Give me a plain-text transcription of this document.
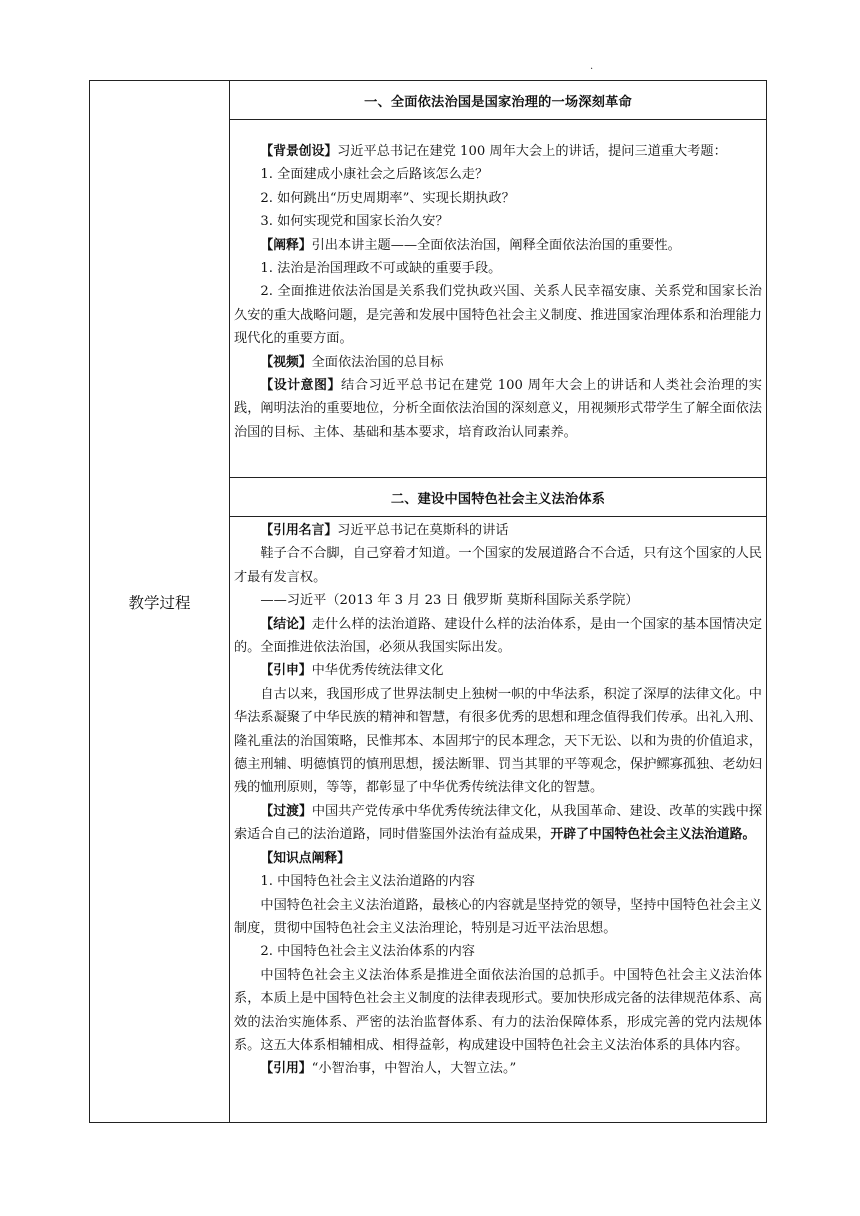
.
教学过程	一、全面依法治国是国家治理的一场深刻革命

【背景创设】习近平总书记在建党 100 周年大会上的讲话，提问三道重大考题：

1. 全面建成小康社会之后路该怎么走？

2. 如何跳出“历史周期率”、实现长期执政？

3. 如何实现党和国家长治久安？

【阐释】引出本讲主题——全面依法治国，阐释全面依法治国的重要性。

1. 法治是治国理政不可或缺的重要手段。

2. 全面推进依法治国是关系我们党执政兴国、关系人民幸福安康、关系党和国家长治久安的重大战略问题，是完善和发展中国特色社会主义制度、推进国家治理体系和治理能力现代化的重要方面。

【视频】全面依法治国的总目标

【设计意图】结合习近平总书记在建党 100 周年大会上的讲话和人类社会治理的实践，阐明法治的重要地位，分析全面依法治国的深刻意义，用视频形式带学生了解全面依法治国的目标、主体、基础和基本要求，培育政治认同素养。

二、建设中国特色社会主义法治体系

【引用名言】习近平总书记在莫斯科的讲话

鞋子合不合脚，自己穿着才知道。一个国家的发展道路合不合适，只有这个国家的人民才最有发言权。

——习近平（2013 年 3 月 23 日 俄罗斯 莫斯科国际关系学院）

【结论】走什么样的法治道路、建设什么样的法治体系，是由一个国家的基本国情决定的。全面推进依法治国，必须从我国实际出发。

【引申】中华优秀传统法律文化

自古以来，我国形成了世界法制史上独树一帜的中华法系，积淀了深厚的法律文化。中华法系凝聚了中华民族的精神和智慧，有很多优秀的思想和理念值得我们传承。出礼入刑、隆礼重法的治国策略，民惟邦本、本固邦宁的民本理念，天下无讼、以和为贵的价值追求，德主刑辅、明德慎罚的慎刑思想，援法断罪、罚当其罪的平等观念，保护鳏寡孤独、老幼妇残的恤刑原则，等等，都彰显了中华优秀传统法律文化的智慧。

【过渡】中国共产党传承中华优秀传统法律文化，从我国革命、建设、改革的实践中探索适合自己的法治道路，同时借鉴国外法治有益成果，开辟了中国特色社会主义法治道路。

【知识点阐释】

1. 中国特色社会主义法治道路的内容

中国特色社会主义法治道路，最核心的内容就是坚持党的领导，坚持中国特色社会主义制度，贯彻中国特色社会主义法治理论，特别是习近平法治思想。

2. 中国特色社会主义法治体系的内容

中国特色社会主义法治体系是推进全面依法治国的总抓手。中国特色社会主义法治体系，本质上是中国特色社会主义制度的法律表现形式。要加快形成完备的法律规范体系、高效的法治实施体系、严密的法治监督体系、有力的法治保障体系，形成完善的党内法规体系。这五大体系相辅相成、相得益彰，构成建设中国特色社会主义法治体系的具体内容。

【引用】“小智治事，中智治人，大智立法。”
